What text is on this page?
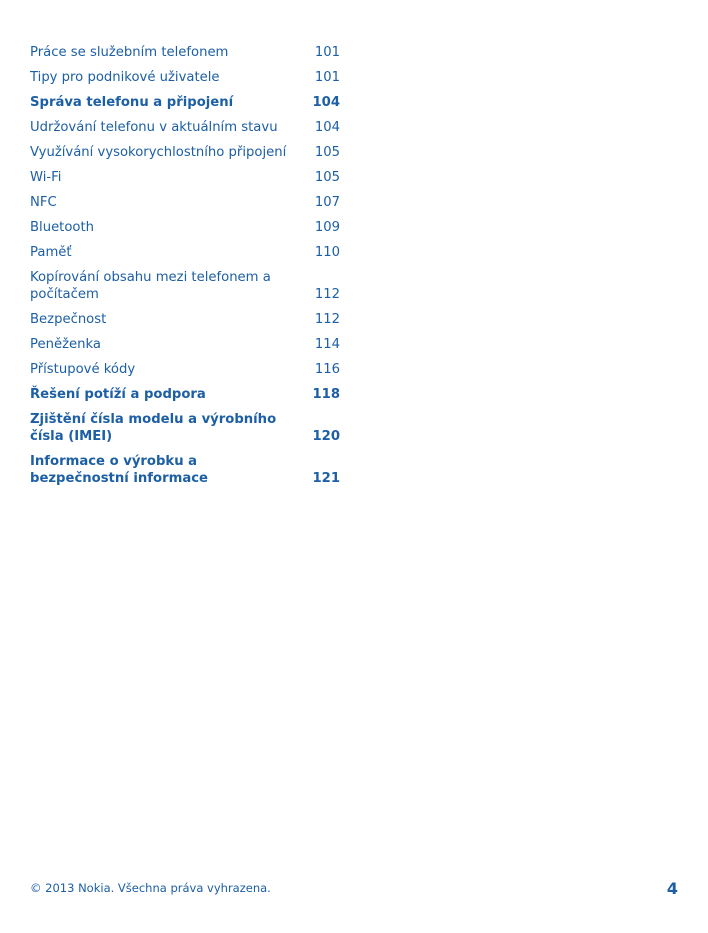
Práce se služebním telefonem	101
Tipy pro podnikové uživatele	101
Správa telefonu a připojení	104
Udržování telefonu v aktuálním stavu	104
Využívání vysokorychlostního připojení	105
Wi-Fi	105
NFC	107
Bluetooth	109
Paměť	110
Kopírování obsahu mezi telefonem a počítačem	112
Bezpečnost	112
Peněženka	114
Přístupové kódy	116
Řešení potíží a podpora	118
Zjištění čísla modelu a výrobního čísla (IMEI)	120
Informace o výrobku a bezpečnostní informace	121
© 2013 Nokia. Všechna práva vyhrazena.	4
